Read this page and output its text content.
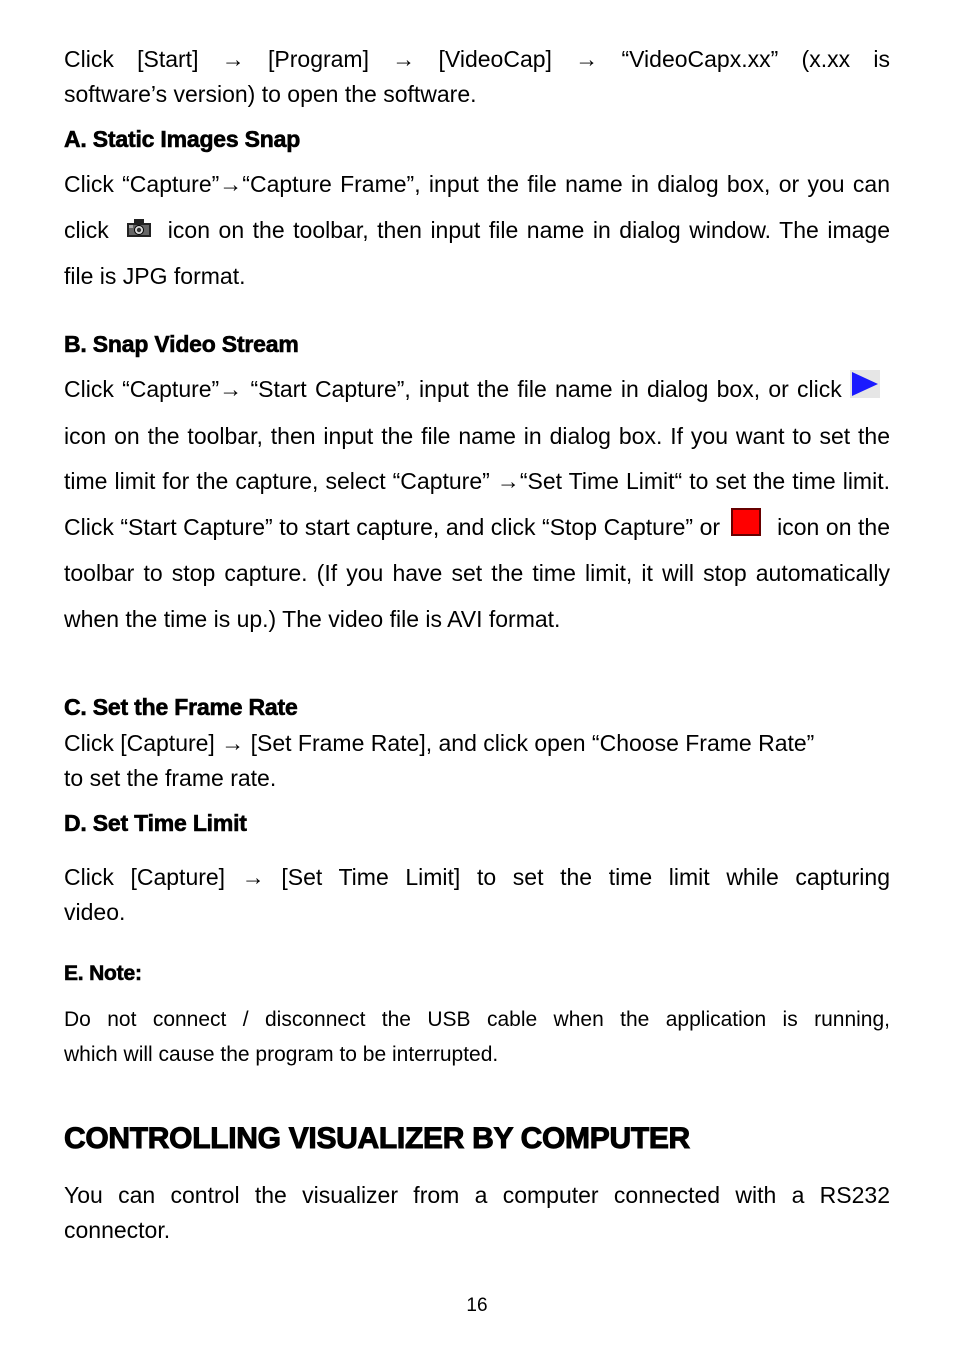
Click [Start] → [Program] → [VideoCap] → “VideoCapx.xx” (x.xx is
software’s version) to open the software.
A. Static Images Snap
Click “Capture”→“Capture Frame”, input the file name in dialog box, or you can click  icon on the toolbar, then input file name in dialog window. The image file is JPG format.
B. Snap Video Stream
Click “Capture”→ “Start Capture”, input the file name in dialog box, or click  icon on the toolbar, then input the file name in dialog box. If you want to set the time limit for the capture, select “Capture” →“Set Time Limit“ to set the time limit. Click “Start Capture” to start capture, and click “Stop Capture” or  icon on the toolbar to stop capture. (If you have set the time limit, it will stop automatically when the time is up.) The video file is AVI format.
C. Set the Frame Rate
Click [Capture] → [Set Frame Rate], and click open “Choose Frame Rate”
to set the frame rate.
D. Set Time Limit
Click [Capture] → [Set Time Limit] to set the time limit while capturing
video.
E. Note:
Do not connect / disconnect the USB cable when the application is running,
which will cause the program to be interrupted.
CONTROLLING VISUALIZER BY COMPUTER
You can control the visualizer from a computer connected with a RS232
connector.
16
